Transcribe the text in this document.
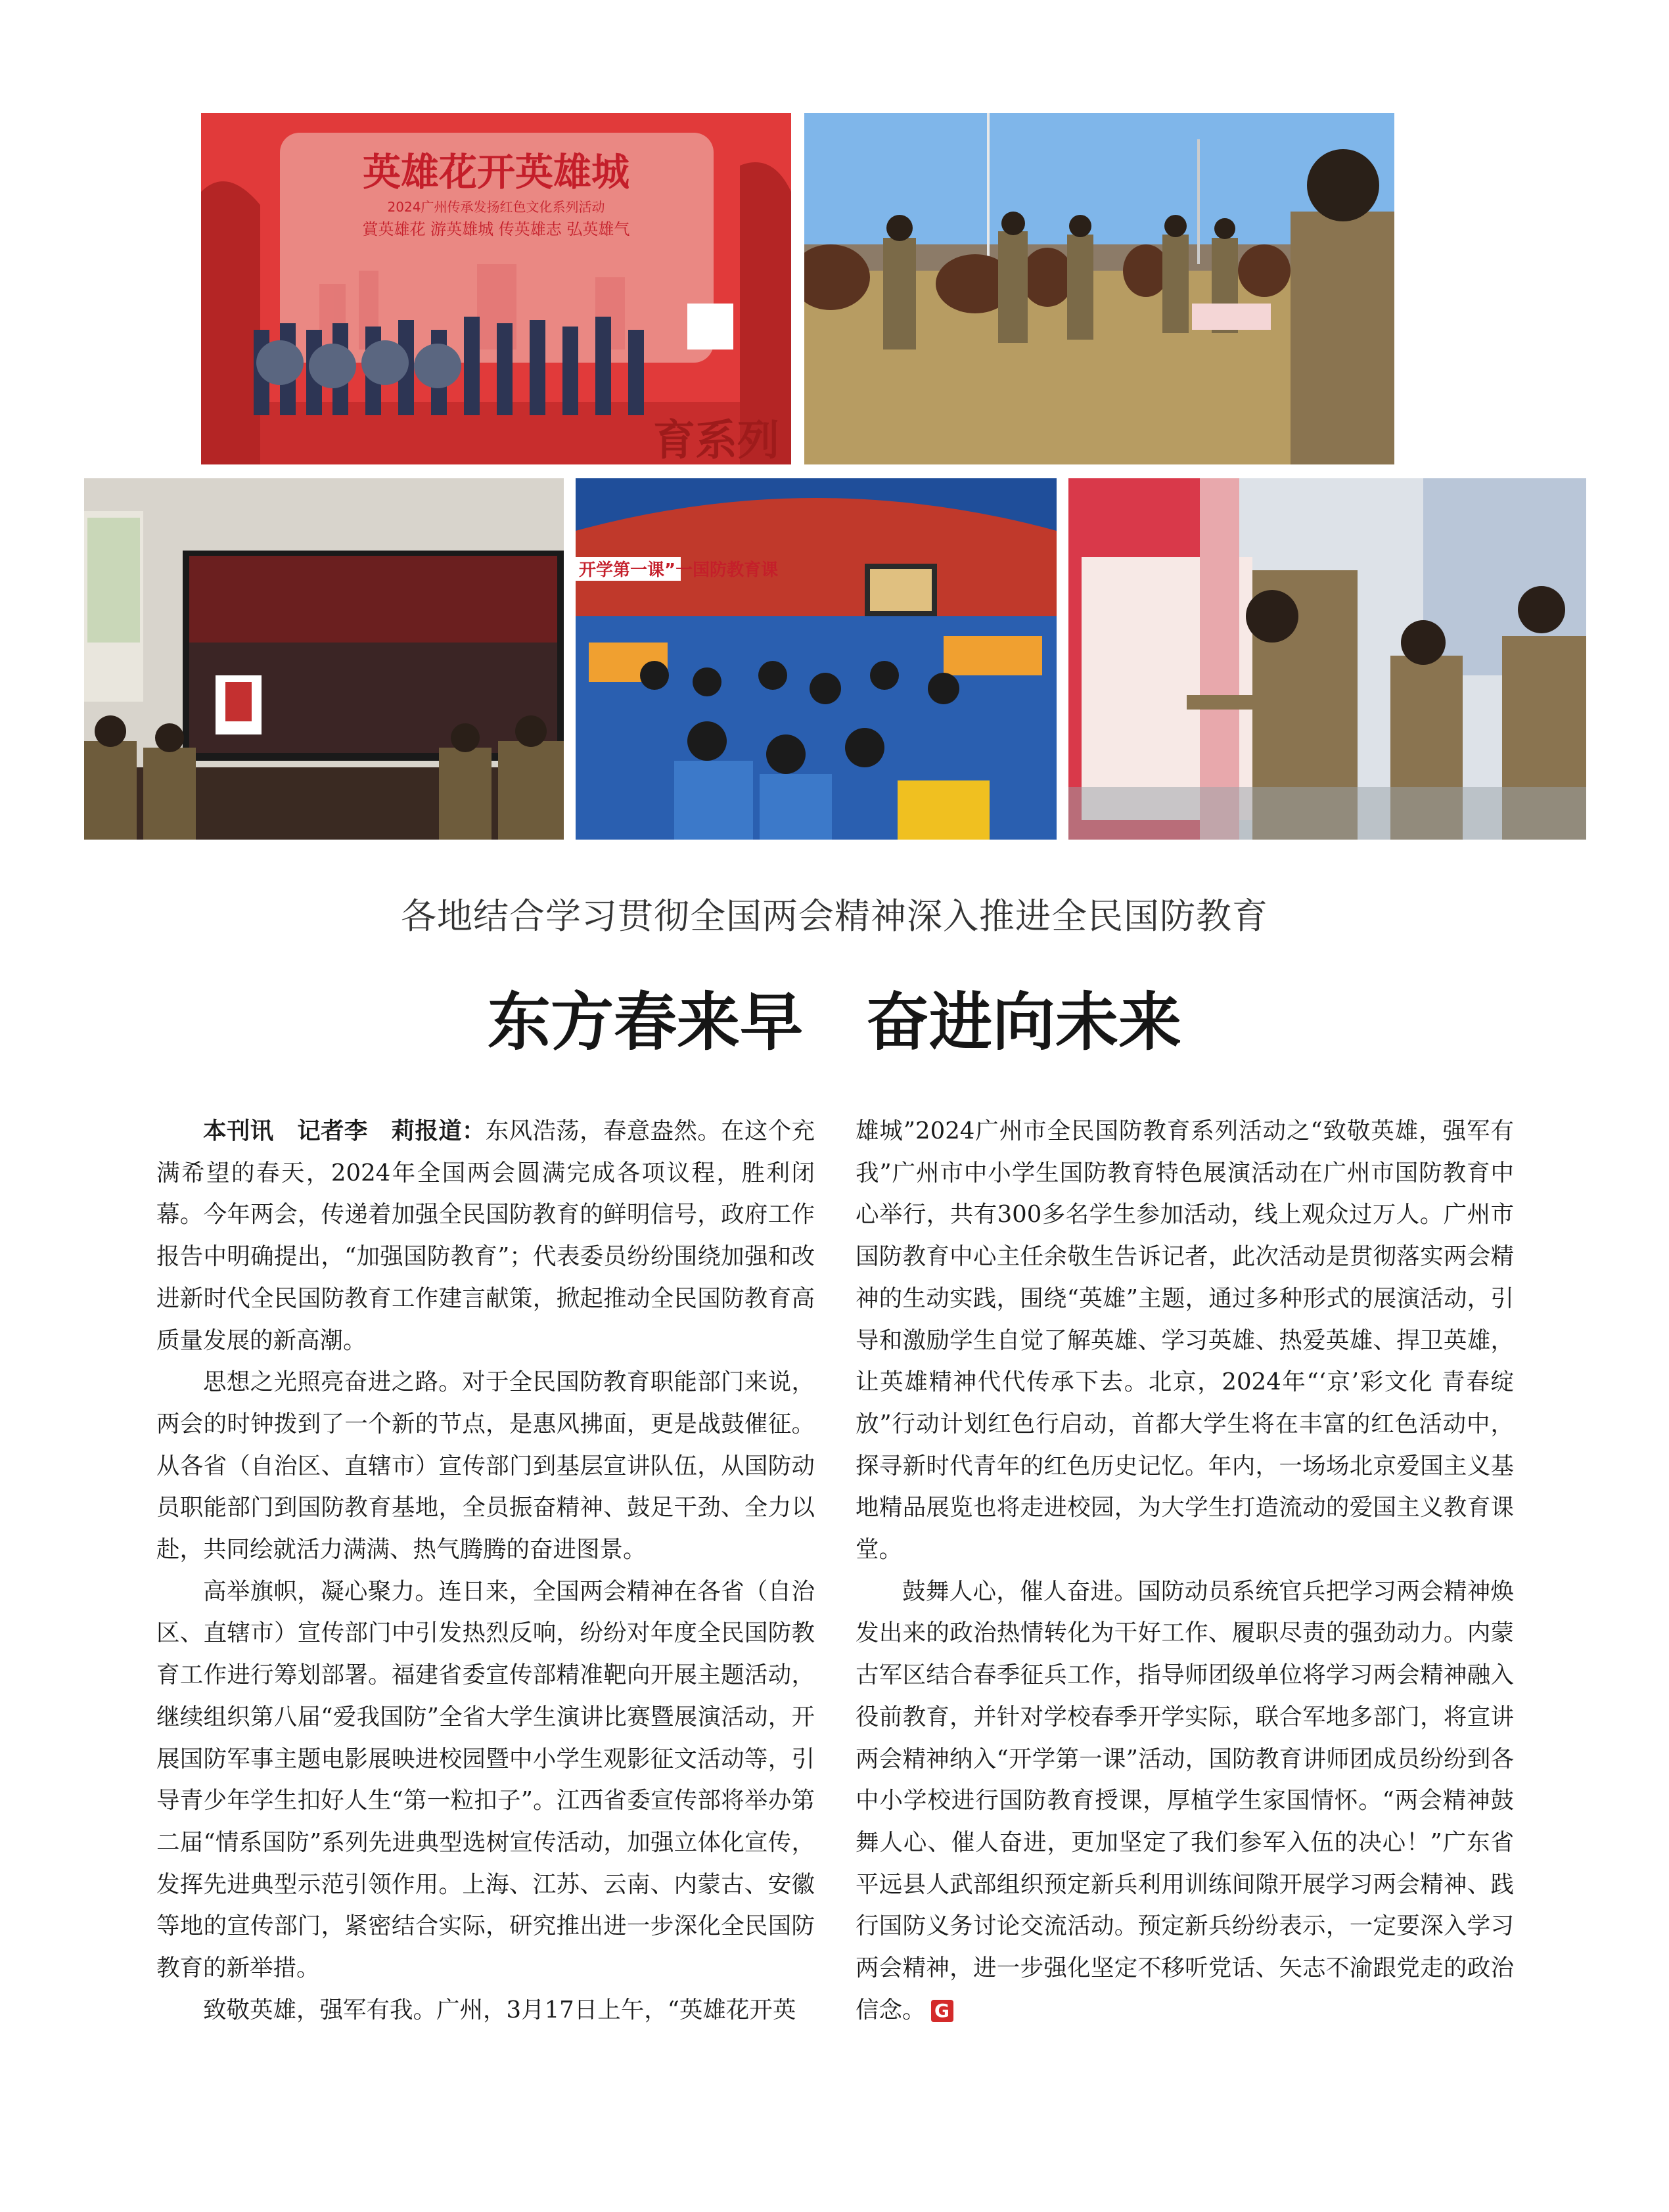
英雄花开英雄城
2024广州传承发扬红色文化系列活动
賞英雄花 游英雄城 传英雄志 弘英雄气
育系列
开学第一课”一国防教育课
各地结合学习贯彻全国两会精神深入推进全民国防教育
东方春来早　奋进向未来

本刊讯　记者李　莉报道：东风浩荡，春意盎然。在这个充满希望的春天，2024年全国两会圆满完成各项议程，胜利闭幕。今年两会，传递着加强全民国防教育的鲜明信号，政府工作报告中明确提出，“加强国防教育”；代表委员纷纷围绕加强和改进新时代全民国防教育工作建言献策，掀起推动全民国防教育高质量发展的新高潮。

思想之光照亮奋进之路。对于全民国防教育职能部门来说，两会的时钟拨到了一个新的节点，是惠风拂面，更是战鼓催征。从各省（自治区、直辖市）宣传部门到基层宣讲队伍，从国防动员职能部门到国防教育基地，全员振奋精神、鼓足干劲、全力以赴，共同绘就活力满满、热气腾腾的奋进图景。

高举旗帜，凝心聚力。连日来，全国两会精神在各省（自治区、直辖市）宣传部门中引发热烈反响，纷纷对年度全民国防教育工作进行筹划部署。福建省委宣传部精准靶向开展主题活动，继续组织第八届“爱我国防”全省大学生演讲比赛暨展演活动，开展国防军事主题电影展映进校园暨中小学生观影征文活动等，引导青少年学生扣好人生“第一粒扣子”。江西省委宣传部将举办第二届“情系国防”系列先进典型选树宣传活动，加强立体化宣传，发挥先进典型示范引领作用。上海、江苏、云南、内蒙古、安徽等地的宣传部门，紧密结合实际，研究推出进一步深化全民国防教育的新举措。

致敬英雄，强军有我。广州，3月17日上午，“英雄花开英

雄城”2024广州市全民国防教育系列活动之“致敬英雄，强军有我”广州市中小学生国防教育特色展演活动在广州市国防教育中心举行，共有300多名学生参加活动，线上观众过万人。广州市国防教育中心主任余敬生告诉记者，此次活动是贯彻落实两会精神的生动实践，围绕“英雄”主题，通过多种形式的展演活动，引导和激励学生自觉了解英雄、学习英雄、热爱英雄、捍卫英雄，让英雄精神代代传承下去。北京，2024年“‘京’彩文化 青春绽放”行动计划红色行启动，首都大学生将在丰富的红色活动中，探寻新时代青年的红色历史记忆。年内，一场场北京爱国主义基地精品展览也将走进校园，为大学生打造流动的爱国主义教育课堂。

鼓舞人心，催人奋进。国防动员系统官兵把学习两会精神焕发出来的政治热情转化为干好工作、履职尽责的强劲动力。内蒙古军区结合春季征兵工作，指导师团级单位将学习两会精神融入役前教育，并针对学校春季开学实际，联合军地多部门，将宣讲两会精神纳入“开学第一课”活动，国防教育讲师团成员纷纷到各中小学校进行国防教育授课，厚植学生家国情怀。“两会精神鼓舞人心、催人奋进，更加坚定了我们参军入伍的决心！”广东省平远县人武部组织预定新兵利用训练间隙开展学习两会精神、践行国防义务讨论交流活动。预定新兵纷纷表示，一定要深入学习两会精神，进一步强化坚定不移听党话、矢志不渝跟党走的政治信念。 G
